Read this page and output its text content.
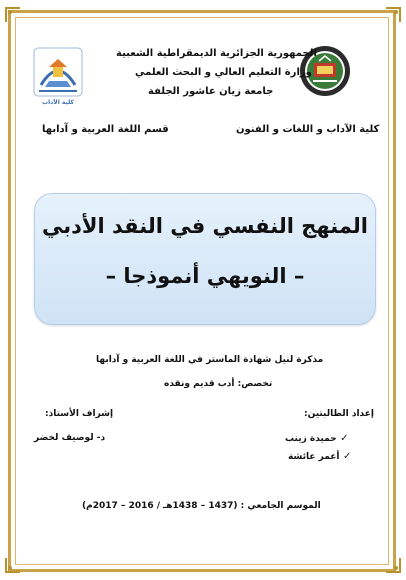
كلية الآداب
الجمهورية الجزائرية الديمقراطية الشعبية
وزارة التعليم العالي و البحث العلمي
جامعة زيان عاشور الجلفة
كلية الآداب و اللغات و الفنون
قسم اللغة العربية و آدابها
المنهج النفسي في النقد الأدبي
– النويهي أنموذجا –
مذكرة لنيل شهادة الماستر في اللغة العربية و آدابها
تخصص: أدب قديم ونقده
إعداد الطالبتين:
إشراف الأستاذ:
✓ حميدة زينب
✓ أعمر عائشة
د- لوصيف لخضر
الموسم الجامعي : (1437 – 1438هـ / 2016 – 2017م)
